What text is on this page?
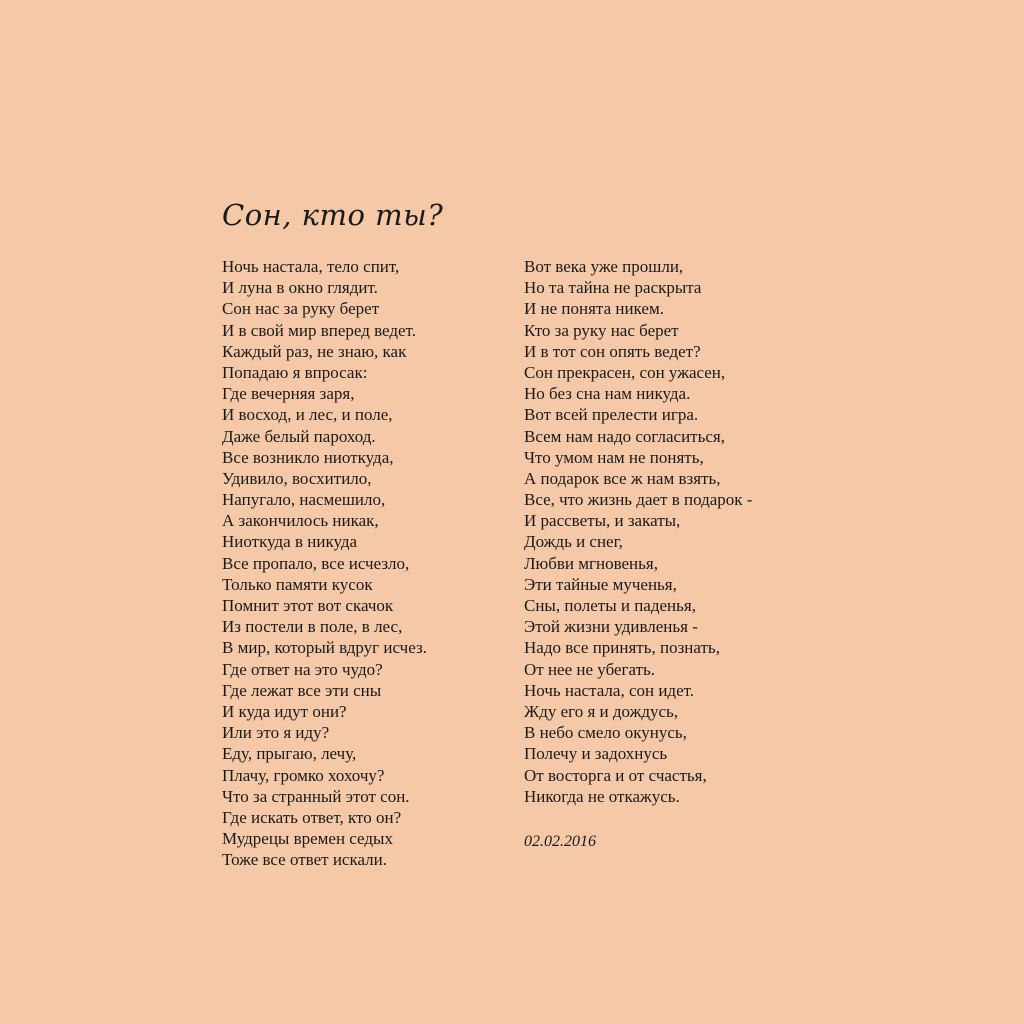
Сон, кто ты?
Ночь настала, тело спит,
И луна в окно глядит.
Сон нас за руку берет
И в свой мир вперед ведет.
Каждый раз, не знаю, как
Попадаю я впросак:
Где вечерняя заря,
И восход, и лес, и поле,
Даже белый пароход.
Все возникло ниоткуда,
Удивило, восхитило,
Напугало, насмешило,
А закончилось никак,
Ниоткуда в никуда
Все пропало, все исчезло,
Только памяти кусок
Помнит этот вот скачок
Из постели в поле, в лес,
В мир, который вдруг исчез.
Где ответ на это чудо?
Где лежат все эти сны
И куда идут они?
Или это я иду?
Еду, прыгаю, лечу,
Плачу, громко хохочу?
Что за странный этот сон.
Где искать ответ, кто он?
Мудрецы времен седых
Тоже все ответ искали.
Вот века уже прошли,
Но та тайна не раскрыта
И не понята никем.
Кто за руку нас берет
И в тот сон опять ведет?
Сон прекрасен, сон ужасен,
Но без сна нам никуда.
Вот всей прелести игра.
Всем нам надо согласиться,
Что умом нам не понять,
А подарок все ж нам взять,
Все, что жизнь дает в подарок -
И рассветы, и закаты,
Дождь и снег,
Любви мгновенья,
Эти тайные мученья,
Сны, полеты и паденья,
Этой жизни удивленья -
Надо все принять, познать,
От нее не убегать.
Ночь настала, сон идет.
Жду его я и дождусь,
В небо смело окунусь,
Полечу и задохнусь
От восторга и от счастья,
Никогда не откажусь.
02.02.2016
